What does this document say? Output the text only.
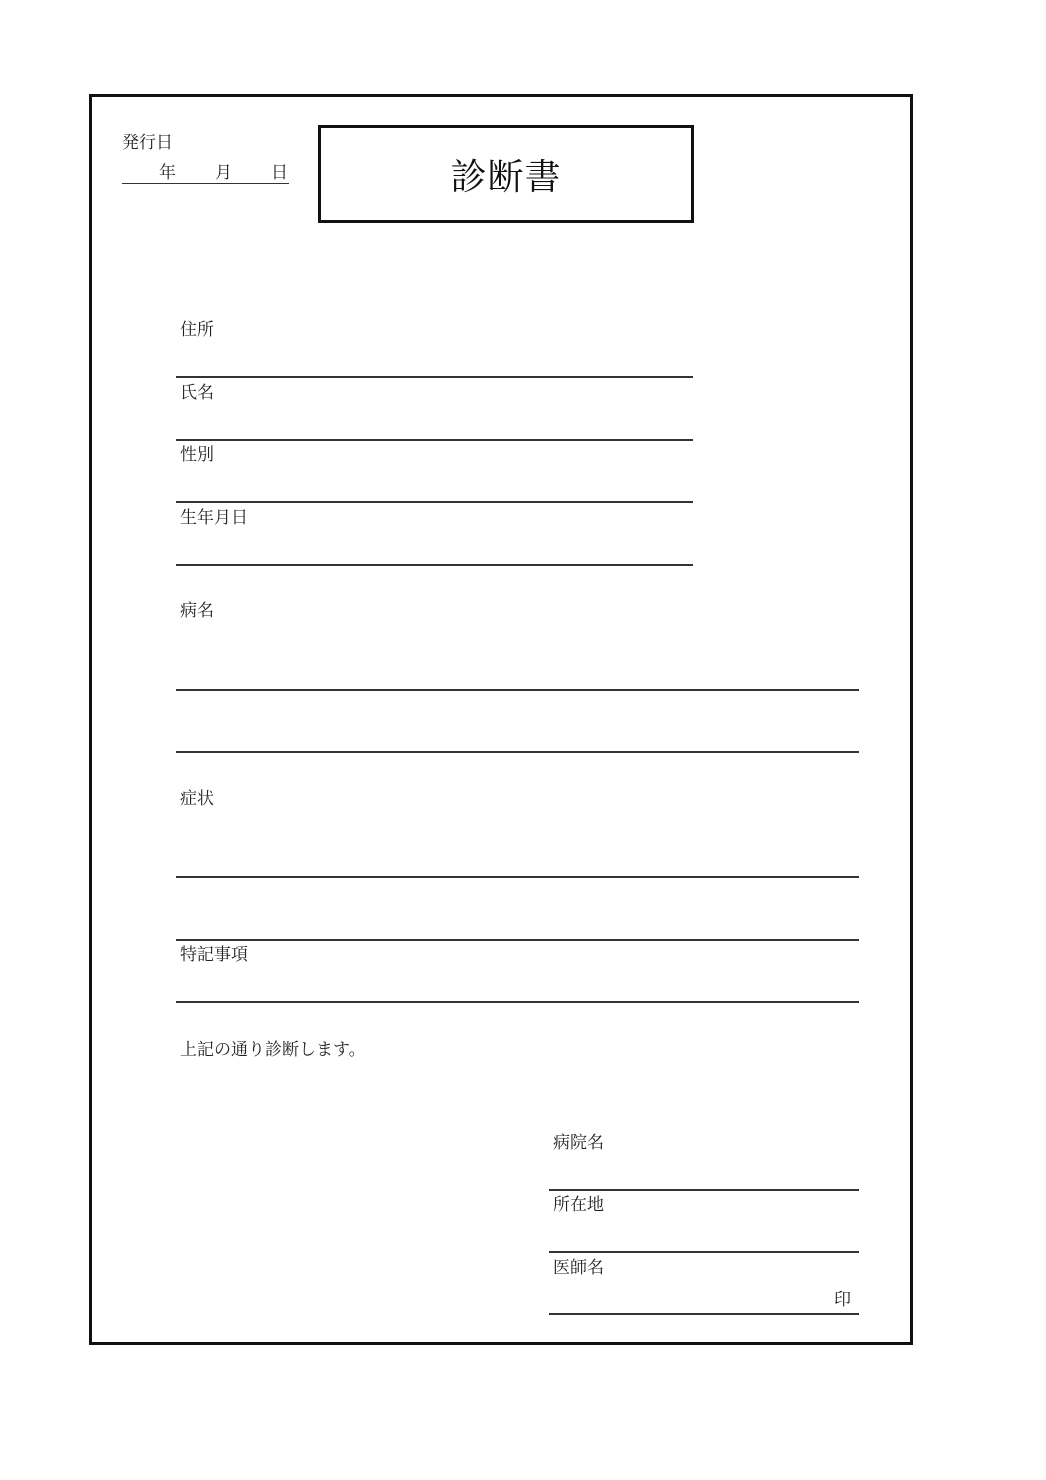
発行日

年 月 日	診断書

住所

氏名

性別

生年月日

病名

症状

特記事項

上記の通り診断します。

病院名

所在地

医師名

印
